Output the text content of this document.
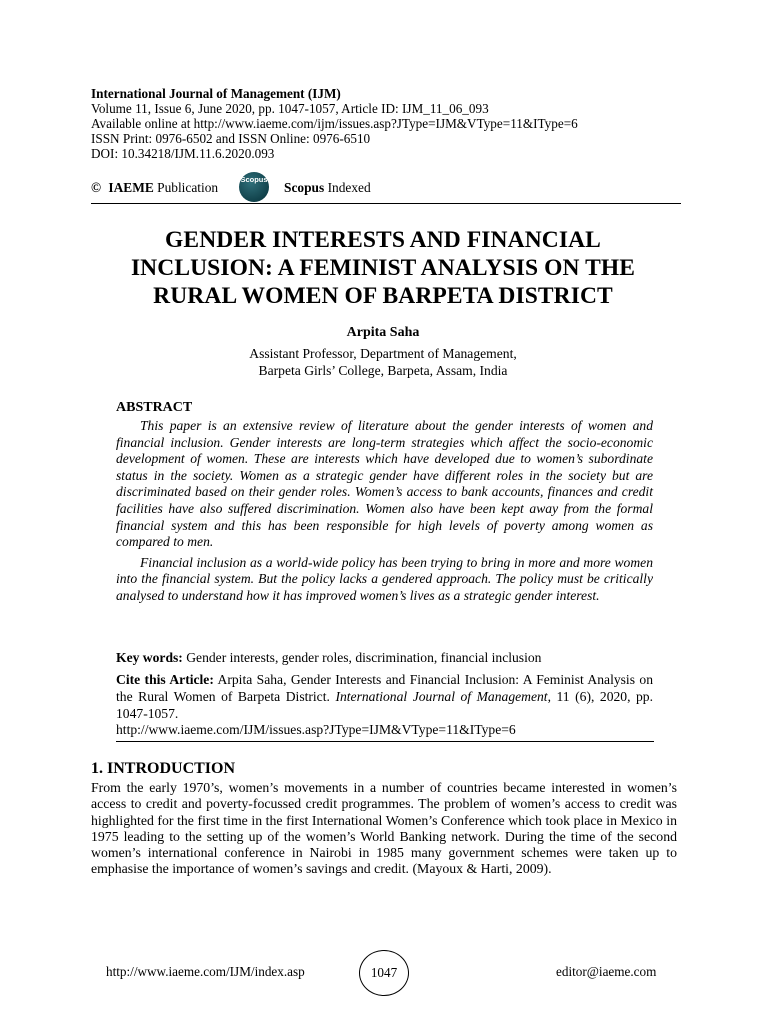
International Journal of Management (IJM)
Volume 11, Issue 6, June 2020, pp. 1047-1057, Article ID: IJM_11_06_093
Available online at http://www.iaeme.com/ijm/issues.asp?JType=IJM&VType=11&IType=6
ISSN Print: 0976-6502 and ISSN Online: 0976-6510
DOI: 10.34218/IJM.11.6.2020.093
© IAEME Publication
Scopus
Scopus Indexed
GENDER INTERESTS AND FINANCIAL
INCLUSION: A FEMINIST ANALYSIS ON THE
RURAL WOMEN OF BARPETA DISTRICT
Arpita Saha
Assistant Professor, Department of Management,
Barpeta Girls’ College, Barpeta, Assam, India
ABSTRACT

This paper is an extensive review of literature about the gender interests of women and financial inclusion. Gender interests are long-term strategies which affect the socio-economic development of women. These are interests which have developed due to women’s subordinate status in the society. Women as a strategic gender have different roles in the society but are discriminated based on their gender roles. Women’s access to bank accounts, finances and credit facilities have also suffered discrimination. Women also have been kept away from the formal financial system and this has been responsible for high levels of poverty among women as compared to men.

Financial inclusion as a world-wide policy has been trying to bring in more and more women into the financial system. But the policy lacks a gendered approach. The policy must be critically analysed to understand how it has improved women’s lives as a strategic gender interest.

Key words: Gender interests, gender roles, discrimination, financial inclusion
Cite this Article: Arpita Saha, Gender Interests and Financial Inclusion: A Feminist Analysis on the Rural Women of Barpeta District. International Journal of Management, 11 (6), 2020, pp. 1047-1057.
http://www.iaeme.com/IJM/issues.asp?JType=IJM&VType=11&IType=6
1. INTRODUCTION

From the early 1970’s, women’s movements in a number of countries became interested in women’s access to credit and poverty-focussed credit programmes. The problem of women’s access to credit was highlighted for the first time in the first International Women’s Conference which took place in Mexico in 1975 leading to the setting up of the women’s World Banking network. During the time of the second women’s international conference in Nairobi in 1985 many government schemes were taken up to emphasise the importance of women’s savings and credit. (Mayoux & Harti, 2009).

http://www.iaeme.com/IJM/index.asp	1047	editor@iaeme.com
